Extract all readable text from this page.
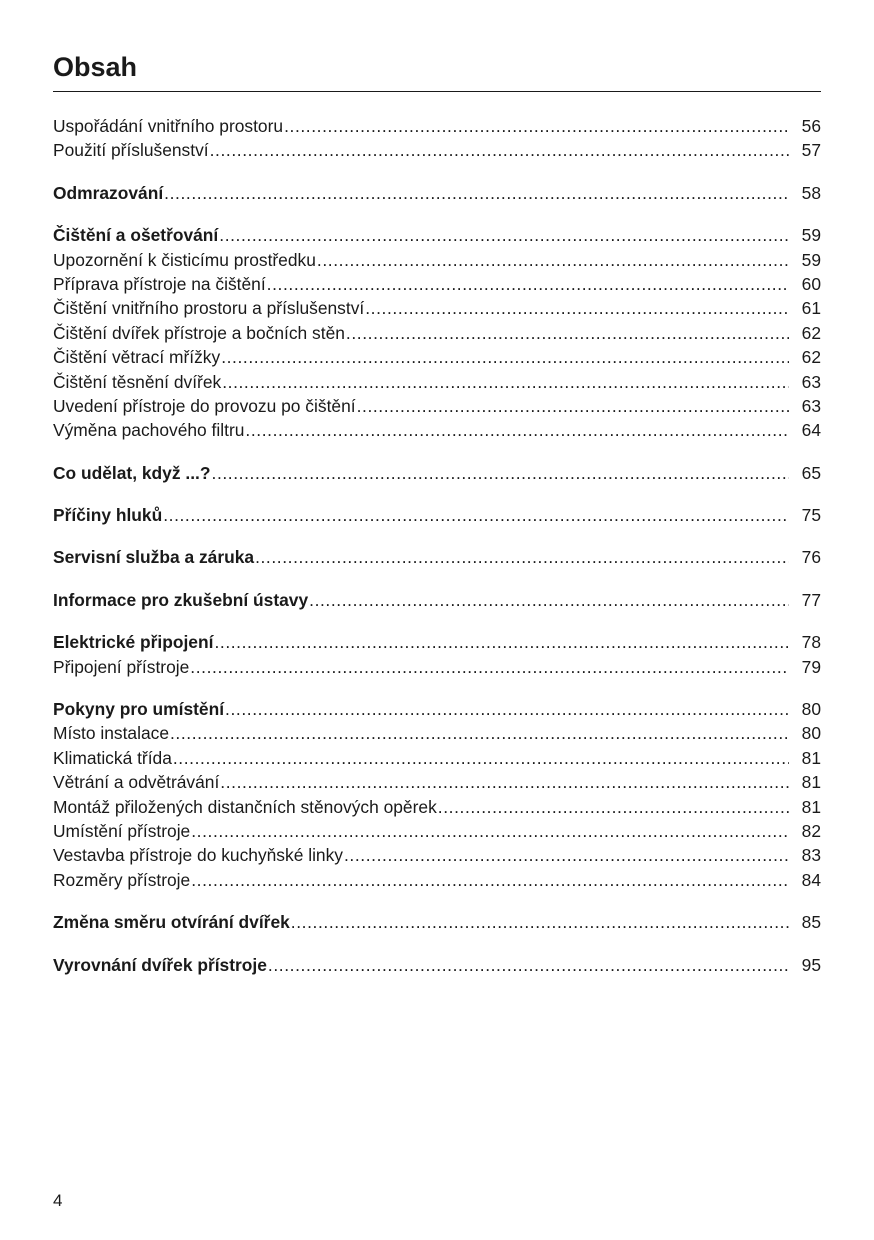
Obsah
Uspořádání vnitřního prostoru .....	56
Použití příslušenství .....	57
Odmrazování .....	58
Čištění a ošetřování .....	59
Upozornění k čisticímu prostředku .....	59
Příprava přístroje na čištění .....	60
Čištění vnitřního prostoru a příslušenství .....	61
Čištění dvířek přístroje a bočních stěn .....	62
Čištění větrací mřížky .....	62
Čištění těsnění dvířek .....	63
Uvedení přístroje do provozu po čištění .....	63
Výměna pachového filtru .....	64
Co udělat, když ...? .....	65
Příčiny hluků .....	75
Servisní služba a záruka .....	76
Informace pro zkušební ústavy .....	77
Elektrické připojení .....	78
Připojení přístroje .....	79
Pokyny pro umístění .....	80
Místo instalace .....	80
Klimatická třída .....	81
Větrání a odvětrávání .....	81
Montáž přiložených distančních stěnových opěrek .....	81
Umístění přístroje .....	82
Vestavba přístroje do kuchyňské linky .....	83
Rozměry přístroje .....	84
Změna směru otvírání dvířek .....	85
Vyrovnání dvířek přístroje .....	95
4
